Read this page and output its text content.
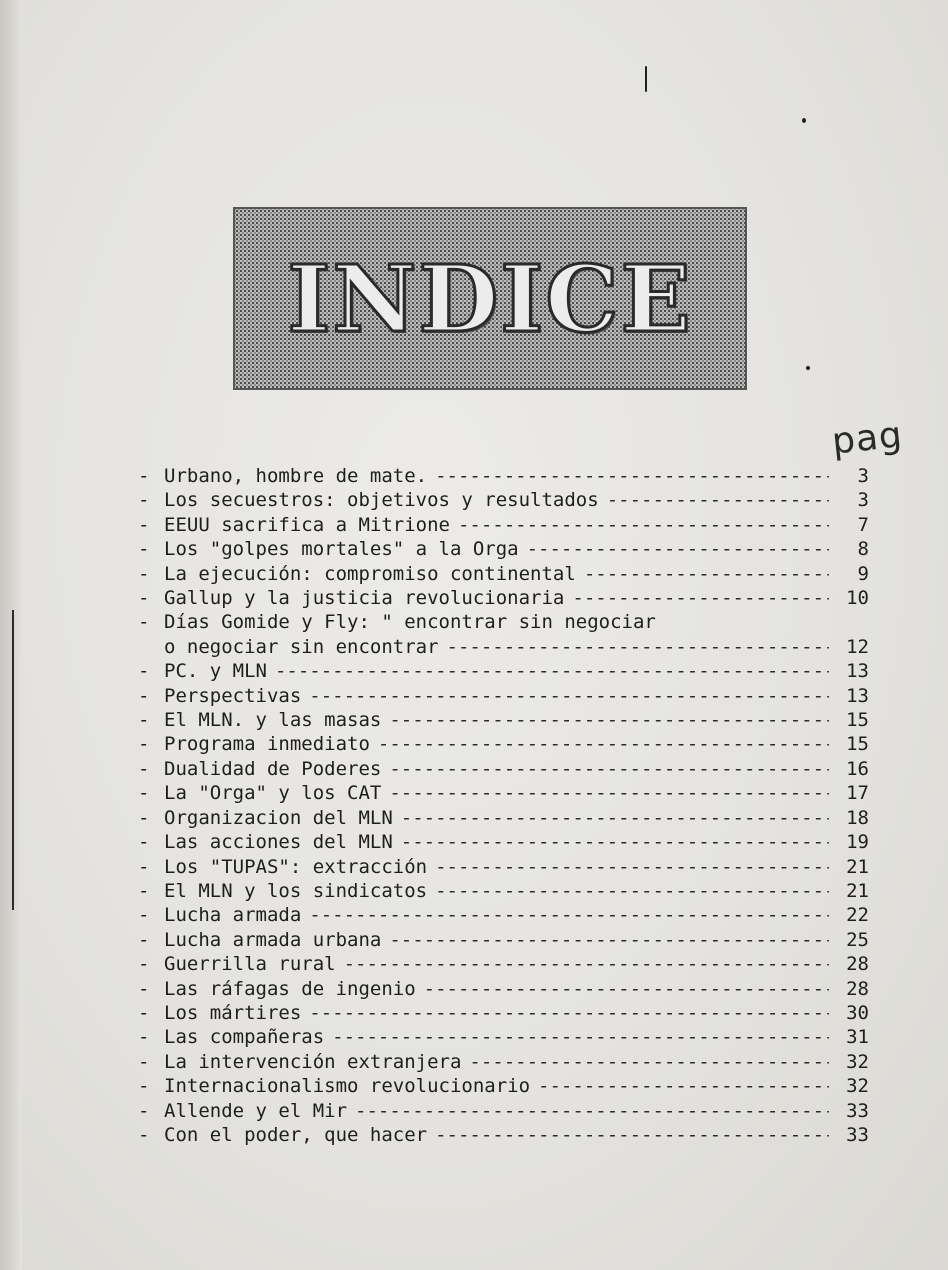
INDICE
pag
- Urbano, hombre de mate. -----	3
- Los secuestros: objetivos y resultados -----	3
- EEUU sacrifica a Mitrione -----	7
- Los "golpes mortales" a la Orga -----	8
- La ejecución: compromiso continental -----	9
- Gallup y la justicia revolucionaria -----	10
- Días Gomide y Fly: " encontrar sin negociar
o negociar sin encontrar -----	12
- PC. y MLN -----	13
- Perspectivas -----	13
- El MLN. y las masas -----	15
- Programa inmediato -----	15
- Dualidad de Poderes -----	16
- La "Orga" y los CAT -----	17
- Organizacion del MLN -----	18
- Las acciones del MLN -----	19
- Los "TUPAS": extracción -----	21
- El MLN y los sindicatos -----	21
- Lucha armada -----	22
- Lucha armada urbana -----	25
- Guerrilla rural -----	28
- Las ráfagas de ingenio -----	28
- Los mártires -----	30
- Las compañeras -----	31
- La intervención extranjera -----	32
- Internacionalismo revolucionario -----	32
- Allende y el Mir -----	33
- Con el poder, que hacer -----	33
